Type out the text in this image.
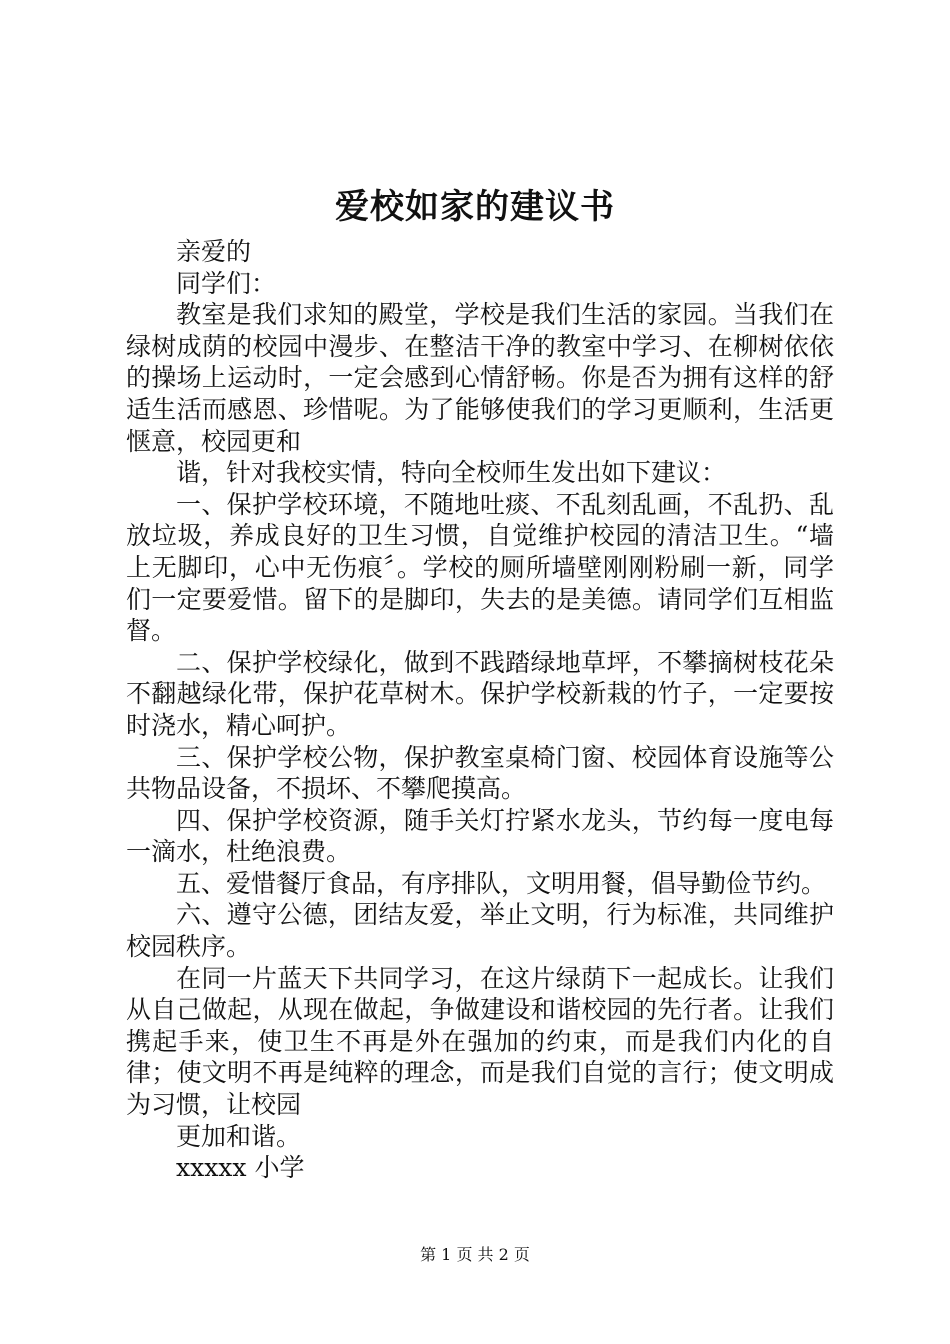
爱校如家的建议书

亲爱的

同学们：

教室是我们求知的殿堂，学校是我们生活的家园。当我们在绿树成荫的校园中漫步、在整洁干净的教室中学习、在柳树依依的操场上运动时，一定会感到心情舒畅。你是否为拥有这样的舒适生活而感恩、珍惜呢。为了能够使我们的学习更顺利，生活更惬意，校园更和

谐，针对我校实情，特向全校师生发出如下建议：

一、保护学校环境，不随地吐痰、不乱刻乱画，不乱扔、乱放垃圾，养成良好的卫生习惯，自觉维护校园的清洁卫生。“墙上无脚印，心中无伤痕〞。学校的厕所墙壁刚刚粉刷一新，同学们一定要爱惜。留下的是脚印，失去的是美德。请同学们互相监督。

二、保护学校绿化，做到不践踏绿地草坪，不攀摘树枝花朵不翻越绿化带，保护花草树木。保护学校新栽的竹子，一定要按时浇水，精心呵护。

三、保护学校公物，保护教室桌椅门窗、校园体育设施等公共物品设备，不损坏、不攀爬摸高。

四、保护学校资源，随手关灯拧紧水龙头，节约每一度电每一滴水，杜绝浪费。

五、爱惜餐厅食品，有序排队，文明用餐，倡导勤俭节约。

六、遵守公德，团结友爱，举止文明，行为标准，共同维护校园秩序。

在同一片蓝天下共同学习，在这片绿荫下一起成长。让我们从自己做起，从现在做起，争做建设和谐校园的先行者。让我们携起手来，使卫生不再是外在强加的约束，而是我们内化的自律；使文明不再是纯粹的理念，而是我们自觉的言行；使文明成为习惯，让校园

更加和谐。

xxxxx 小学

第 1 页 共 2 页
